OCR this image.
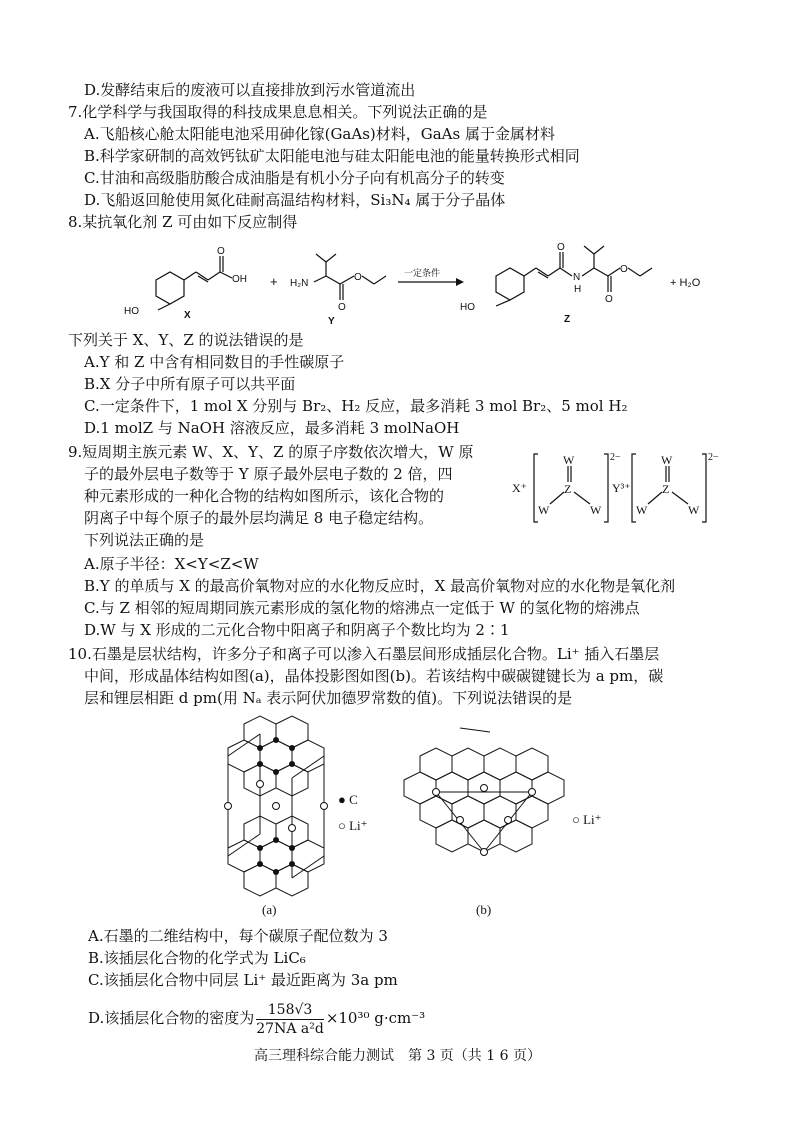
D.发酵结束后的废液可以直接排放到污水管道流出
7.化学科学与我国取得的科技成果息息相关。下列说法正确的是
A.飞船核心舱太阳能电池采用砷化镓(GaAs)材料，GaAs 属于金属材料
B.科学家研制的高效钙钛矿太阳能电池与硅太阳能电池的能量转换形式相同
C.甘油和高级脂肪酸合成油脂是有机小分子向有机高分子的转变
D.飞船返回舱使用氮化硅耐高温结构材料，Si₃N₄ 属于分子晶体
8.某抗氧化剂 Z 可由如下反应制得
HO
OH
O
+ H₂N
O
O	一定条件
HO
O
N
H
O
O
+ H₂O
X
Y	Z
下列关于 X、Y、Z 的说法错误的是
A.Y 和 Z 中含有相同数目的手性碳原子
B.X 分子中所有原子可以共平面
C.一定条件下，1 mol X 分别与 Br₂、H₂ 反应，最多消耗 3 mol Br₂、5 mol H₂
D.1 molZ 与 NaOH 溶液反应，最多消耗 3 molNaOH
9.短周期主族元素 W、X、Y、Z 的原子序数依次增大，W 原
子的最外层电子数等于 Y 原子最外层电子数的 2 倍，四
种元素形成的一种化合物的结构如图所示，该化合物的
阴离子中每个原子的最外层均满足 8 电子稳定结构。
下列说法正确的是
X⁺
W
Z
W	W
2−
Y³⁺
W
Z
W	W
2−
A.原子半径：X<Y<Z<W
B.Y 的单质与 X 的最高价氧物对应的水化物反应时，X 最高价氧物对应的水化物是氧化剂
C.与 Z 相邻的短周期同族元素形成的氢化物的熔沸点一定低于 W 的氢化物的熔沸点
D.W 与 X 形成的二元化合物中阳离子和阴离子个数比均为 2∶1
10.石墨是层状结构，许多分子和离子可以渗入石墨层间形成插层化合物。Li⁺ 插入石墨层
中间，形成晶体结构如图(a)，晶体投影图如图(b)。若该结构中碳碳键键长为 a pm，碳
层和锂层相距 d pm(用 Nₐ 表示阿伏加德罗常数的值)。下列说法错误的是
● C
○ Li⁺	○ Li⁺
(a)	(b)
A.石墨的二维结构中，每个碳原子配位数为 3
B.该插层化合物的化学式为 LiC₆
C.该插层化合物中同层 Li⁺ 最近距离为 3a pm
D.该插层化合物的密度为 $\frac{158√3}{\text{27NA a²d}} \times 10^{30}$ g·cm⁻³
高三理科综合能力测试　第 3 页（共 1 6 页）
